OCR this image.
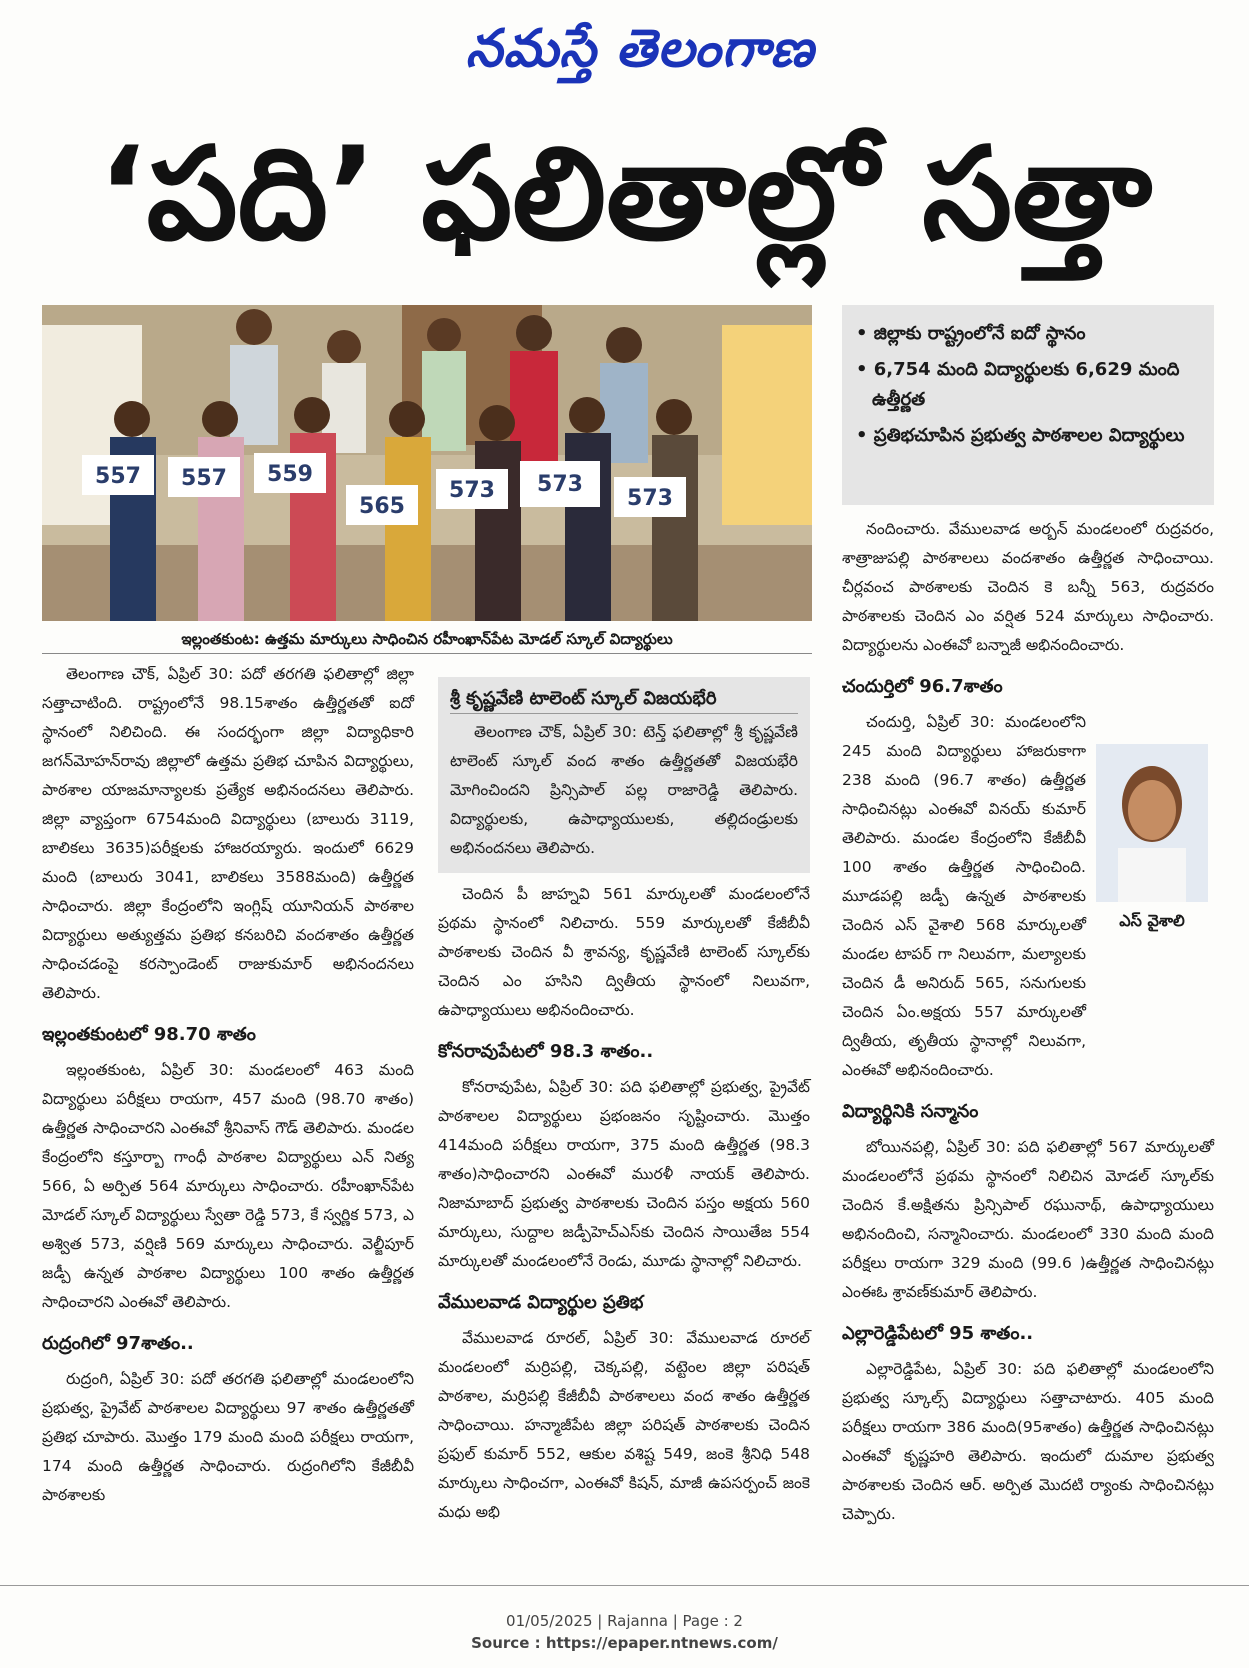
నమస్తే తెలంగాణ
‘పది’ ఫలితాల్లో సత్తా
557 557 559
565
573 573
573
ఇల్లంతకుంట: ఉత్తమ మార్కులు సాధించిన రహీంఖాన్‌పేట మోడల్ స్కూల్ విద్యార్థులు
• జిల్లాకు రాష్ట్రంలోనే ఐదో స్థానం
• 6,754 మంది విద్యార్థులకు 6,629 మంది ఉత్తీర్ణత
• ప్రతిభచూపిన ప్రభుత్వ పాఠశాలల విద్యార్థులు

తెలంగాణ చౌక్, ఏప్రిల్ 30: పదో తరగతి ఫలితాల్లో జిల్లా సత్తాచాటింది. రాష్ట్రంలోనే 98.15శాతం ఉత్తీర్ణతతో ఐదో స్థానంలో నిలిచింది. ఈ సందర్భంగా జిల్లా విద్యాధికారి జగన్‌మోహన్‌రావు జిల్లాలో ఉత్తమ ప్రతిభ చూపిన విద్యార్థులు, పాఠశాల యాజమాన్యాలకు ప్రత్యేక అభినందనలు తెలిపారు. జిల్లా వ్యాప్తంగా 6754మంది విద్యార్థులు (బాలురు 3119, బాలికలు 3635)పరీక్షలకు హాజరయ్యారు. ఇందులో 6629 మంది (బాలురు 3041, బాలికలు 3588మంది) ఉత్తీర్ణత సాధించారు. జిల్లా కేంద్రంలోని ఇంగ్లిష్ యూనియన్ పాఠశాల విద్యార్థులు అత్యుత్తమ ప్రతిభ కనబరిచి వందశాతం ఉత్తీర్ణత సాధించడంపై కరస్పాండెంట్ రాజుకుమార్ అభినందనలు తెలిపారు.

ఇల్లంతకుంటలో 98.70 శాతం

ఇల్లంతకుంట, ఏప్రిల్ 30: మండలంలో 463 మంది విద్యార్థులు పరీక్షలు రాయగా, 457 మంది (98.70 శాతం) ఉత్తీర్ణత సాధించారని ఎంఈవో శ్రీనివాస్ గౌడ్ తెలిపారు. మండల కేంద్రంలోని కస్తూర్బా గాంధీ పాఠశాల విద్యార్థులు ఎన్ నిత్య 566, ఏ అర్పిత 564 మార్కులు సాధించారు. రహీంఖాన్‌పేట మోడల్ స్కూల్ విద్యార్థులు స్వేతా రెడ్డి 573, కే స్వర్ణిక 573, ఎ అశ్విత 573, వర్షిణి 569 మార్కులు సాధించారు. వెల్జీపూర్ జడ్పీ ఉన్నత పాఠశాల విద్యార్థులు 100 శాతం ఉత్తీర్ణత సాధించారని ఎంఈవో తెలిపారు.

రుద్రంగిలో 97శాతం..

రుద్రంగి, ఏప్రిల్ 30: పదో తరగతి ఫలితాల్లో మండలంలోని ప్రభుత్వ, ప్రైవేట్ పాఠశాలల విద్యార్థులు 97 శాతం ఉత్తీర్ణతతో ప్రతిభ చూపారు. మొత్తం 179 మంది మంది పరీక్షలు రాయగా, 174 మంది ఉత్తీర్ణత సాధించారు. రుద్రంగిలోని కేజీబీవీ పాఠశాలకు

శ్రీ కృష్ణవేణి టాలెంట్ స్కూల్ విజయభేరి

తెలంగాణ చౌక్, ఏప్రిల్ 30: టెన్త్ ఫలితాల్లో శ్రీ కృష్ణవేణి టాలెంట్ స్కూల్ వంద శాతం ఉత్తీర్ణతతో విజయభేరి మోగించిందని ప్రిన్సిపాల్ పల్ల రాజారెడ్డి తెలిపారు. విద్యార్థులకు, ఉపాధ్యాయులకు, తల్లిదండ్రులకు అభినందనలు తెలిపారు.

చెందిన పీ జాహ్నవి 561 మార్కులతో మండలంలోనే ప్రథమ స్థానంలో నిలిచారు. 559 మార్కులతో కేజీబీవీ పాఠశాలకు చెందిన వీ శ్రావన్య, కృష్ణవేణి టాలెంట్ స్కూల్‌కు చెందిన ఎం హసిని ద్వితీయ స్థానంలో నిలువగా, ఉపాధ్యాయులు అభినందించారు.

కోనరావుపేటలో 98.3 శాతం..

కోనరావుపేట, ఏప్రిల్ 30: పది ఫలితాల్లో ప్రభుత్వ, ప్రైవేట్ పాఠశాలల విద్యార్థులు ప్రభంజనం సృష్టించారు. మొత్తం 414మంది పరీక్షలు రాయగా, 375 మంది ఉత్తీర్ణత (98.3 శాతం)సాధించారని ఎంఈవో మురళీ నాయక్ తెలిపారు. నిజామాబాద్ ప్రభుత్వ పాఠశాలకు చెందిన పస్తం అక్షయ 560 మార్కులు, సుద్దాల జడ్పీహెచ్‌ఎస్‌కు చెందిన సాయితేజ 554 మార్కులతో మండలంలోనే రెండు, మూడు స్థానాల్లో నిలిచారు.

వేములవాడ విద్యార్థుల ప్రతిభ

వేములవాడ రూరల్, ఏప్రిల్ 30: వేములవాడ రూరల్ మండలంలో మర్రిపల్లి, చెక్కపల్లి, వట్టెంల జిల్లా పరిషత్ పాఠశాల, మర్రిపల్లి కేజీబీవీ పాఠశాలలు వంద శాతం ఉత్తీర్ణత సాధించాయి. హన్మాజీపేట జిల్లా పరిషత్ పాఠశాలకు చెందిన ప్రఫుల్ కుమార్ 552, ఆకుల వశిష్ట 549, జంకె శ్రీనిధి 548 మార్కులు సాధించగా, ఎంఈవో కిషన్, మాజీ ఉపసర్పంచ్ జంకె మధు అభి

నందించారు. వేములవాడ అర్బన్ మండలంలో రుద్రవరం, శాత్రాజుపల్లి పాఠశాలలు వందశాతం ఉత్తీర్ణత సాధించాయి. చీర్లవంచ పాఠశాలకు చెందిన కె బన్నీ 563, రుద్రవరం పాఠశాలకు చెందిన ఎం వర్షిత 524 మార్కులు సాధించారు. విద్యార్థులను ఎంఈవో బన్నాజీ అభినందించారు.

చందుర్తిలో 96.7శాతం

చందుర్తి, ఏప్రిల్ 30: మండలంలోని 245 మంది విద్యార్థులు హాజరుకాగా 238 మంది (96.7 శాతం) ఉత్తీర్ణత సాధించినట్లు ఎంఈవో వినయ్ కుమార్ తెలిపారు. మండల కేంద్రంలోని కేజీబీవీ 100 శాతం ఉత్తీర్ణత సాధించింది. మూడపల్లి జడ్పీ ఉన్నత పాఠశాలకు చెందిన ఎస్ వైశాలి 568 మార్కులతో మండల టాపర్ గా నిలువగా, మల్యాలకు చెందిన డీ అనిరుద్ 565, సనుగులకు చెందిన ఏం.అక్షయ 557 మార్కులతో ద్వితీయ, తృతీయ స్థానాల్లో నిలువగా, ఎంఈవో అభినందించారు.

విద్యార్థినికి సన్మానం

బోయినపల్లి, ఏప్రిల్ 30: పది ఫలితాల్లో 567 మార్కులతో మండలంలోనే ప్రథమ స్థానంలో నిలిచిన మోడల్ స్కూల్‌కు చెందిన కే.అక్షితను ప్రిన్సిపాల్ రఘునాథ్, ఉపాధ్యాయులు అభినందించి, సన్మానించారు. మండలంలో 330 మంది మంది పరీక్షలు రాయగా 329 మంది (99.6 )ఉత్తీర్ణత సాధించినట్లు ఎంఈఓ శ్రావణ్‌కుమార్ తెలిపారు.

ఎల్లారెడ్డిపేటలో 95 శాతం..

ఎల్లారెడ్డిపేట, ఏప్రిల్ 30: పది ఫలితాల్లో మండలంలోని ప్రభుత్వ స్కూల్స్ విద్యార్థులు సత్తాచాటారు. 405 మంది పరీక్షలు రాయగా 386 మంది(95శాతం) ఉత్తీర్ణత సాధించినట్లు ఎంఈవో కృష్ణహరి తెలిపారు. ఇందులో దుమాల ప్రభుత్వ పాఠశాలకు చెందిన ఆర్. అర్పిత మొదటి ర్యాంకు సాధించినట్లు చెప్పారు.

ఎస్ వైశాలి
01/05/2025 | Rajanna | Page : 2
Source : https://epaper.ntnews.com/
